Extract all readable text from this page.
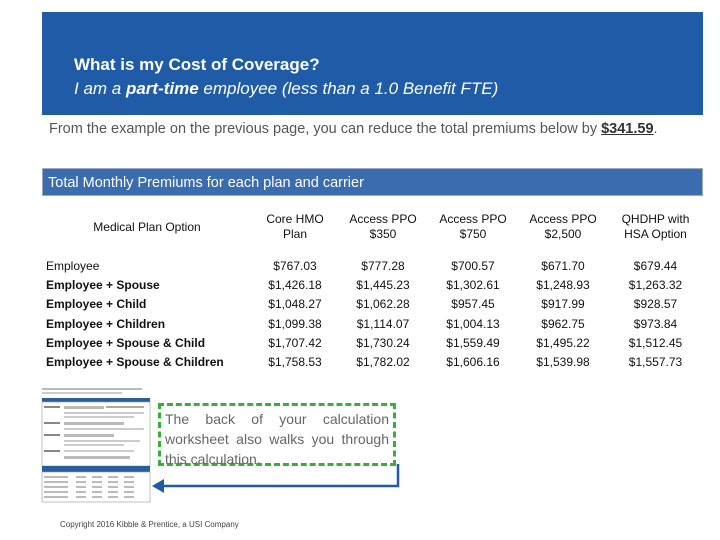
What is my Cost of Coverage?
I am a part-time employee (less than a 1.0 Benefit FTE)
From the example on the previous page, you can reduce the total premiums below by $341.59.
Total Monthly Premiums for each plan and carrier
Medical Plan Option	Core HMO Plan	Access PPO $350	Access PPO $750	Access PPO $2,500	QHDHP with HSA Option
Employee	$767.03	$777.28	$700.57	$671.70	$679.44
Employee + Spouse	$1,426.18	$1,445.23	$1,302.61	$1,248.93	$1,263.32
Employee + Child	$1,048.27	$1,062.28	$957.45	$917.99	$928.57
Employee + Children	$1,099.38	$1,114.07	$1,004.13	$962.75	$973.84
Employee + Spouse & Child	$1,707.42	$1,730.24	$1,559.49	$1,495.22	$1,512.45
Employee + Spouse & Children	$1,758.53	$1,782.02	$1,606.16	$1,539.98	$1,557.73
The back of your calculation worksheet also walks you through this calculation.
Copyright 2016 Kibble & Prentice, a USI Company
